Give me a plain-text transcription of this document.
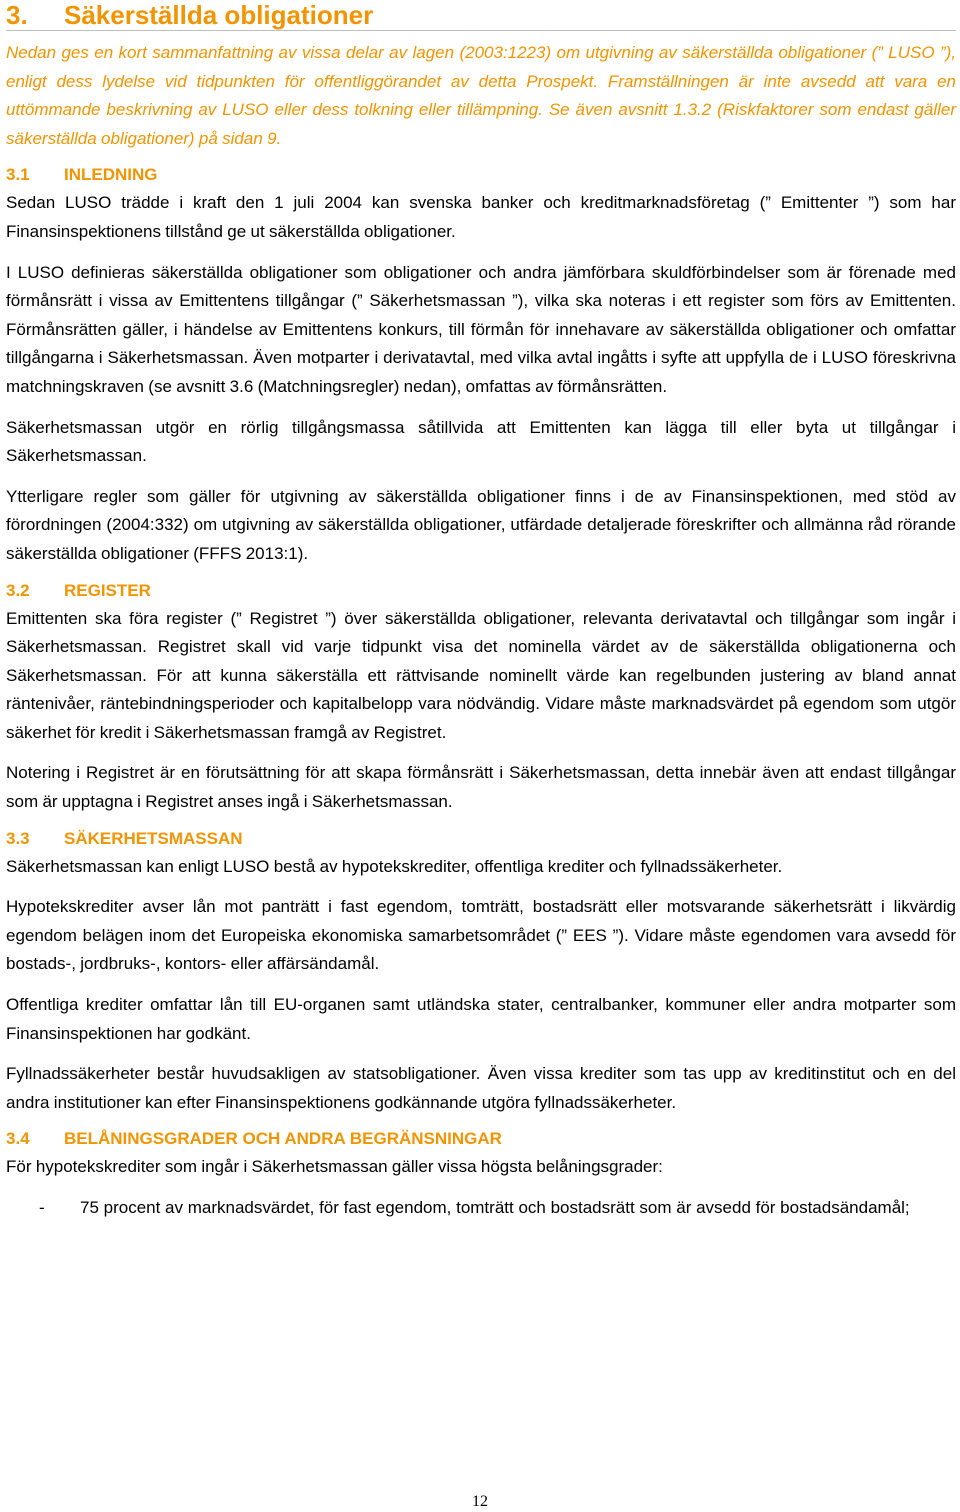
3. Säkerställda obligationer

Nedan ges en kort sammanfattning av vissa delar av lagen (2003:1223) om utgivning av säkerställda obligationer (” LUSO ”), enligt dess lydelse vid tidpunkten för offentliggörandet av detta Prospekt. Framställningen är inte avsedd att vara en uttömmande beskrivning av LUSO eller dess tolkning eller tillämpning. Se även avsnitt 1.3.2 (Riskfaktorer som endast gäller säkerställda obligationer) på sidan 9.

3.1 INLEDNING

Sedan LUSO trädde i kraft den 1 juli 2004 kan svenska banker och kreditmarknadsföretag (” Emittenter ”) som har Finansinspektionens tillstånd ge ut säkerställda obligationer.

I LUSO definieras säkerställda obligationer som obligationer och andra jämförbara skuldförbindelser som är förenade med förmånsrätt i vissa av Emittentens tillgångar (” Säkerhetsmassan ”), vilka ska noteras i ett register som förs av Emittenten. Förmånsrätten gäller, i händelse av Emittentens konkurs, till förmån för innehavare av säkerställda obligationer och omfattar tillgångarna i Säkerhetsmassan. Även motparter i derivatavtal, med vilka avtal ingåtts i syfte att uppfylla de i LUSO föreskrivna matchningskraven (se avsnitt 3.6 (Matchningsregler) nedan), omfattas av förmånsrätten.

Säkerhetsmassan utgör en rörlig tillgångsmassa såtillvida att Emittenten kan lägga till eller byta ut tillgångar i Säkerhetsmassan.

Ytterligare regler som gäller för utgivning av säkerställda obligationer finns i de av Finansinspektionen, med stöd av förordningen (2004:332) om utgivning av säkerställda obligationer, utfärdade detaljerade föreskrifter och allmänna råd rörande säkerställda obligationer (FFFS 2013:1).

3.2 REGISTER

Emittenten ska föra register (” Registret ”) över säkerställda obligationer, relevanta derivatavtal och tillgångar som ingår i Säkerhetsmassan. Registret skall vid varje tidpunkt visa det nominella värdet av de säkerställda obligationerna och Säkerhetsmassan. För att kunna säkerställa ett rättvisande nominellt värde kan regelbunden justering av bland annat räntenivåer, räntebindningsperioder och kapitalbelopp vara nödvändig. Vidare måste marknadsvärdet på egendom som utgör säkerhet för kredit i Säkerhetsmassan framgå av Registret.

Notering i Registret är en förutsättning för att skapa förmånsrätt i Säkerhetsmassan, detta innebär även att endast tillgångar som är upptagna i Registret anses ingå i Säkerhetsmassan.

3.3 SÄKERHETSMASSAN

Säkerhetsmassan kan enligt LUSO bestå av hypotekskrediter, offentliga krediter och fyllnadssäkerheter.

Hypotekskrediter avser lån mot panträtt i fast egendom, tomträtt, bostadsrätt eller motsvarande säkerhetsrätt i likvärdig egendom belägen inom det Europeiska ekonomiska samarbetsområdet (” EES ”). Vidare måste egendomen vara avsedd för bostads-, jordbruks-, kontors- eller affärsändamål.

Offentliga krediter omfattar lån till EU-organen samt utländska stater, centralbanker, kommuner eller andra motparter som Finansinspektionen har godkänt.

Fyllnadssäkerheter består huvudsakligen av statsobligationer. Även vissa krediter som tas upp av kreditinstitut och en del andra institutioner kan efter Finansinspektionens godkännande utgöra fyllnadssäkerheter.

3.4 BELÅNINGSGRADER OCH ANDRA BEGRÄNSNINGAR

För hypotekskrediter som ingår i Säkerhetsmassan gäller vissa högsta belåningsgrader:

- 75 procent av marknadsvärdet, för fast egendom, tomträtt och bostadsrätt som är avsedd för bostadsändamål;
12
